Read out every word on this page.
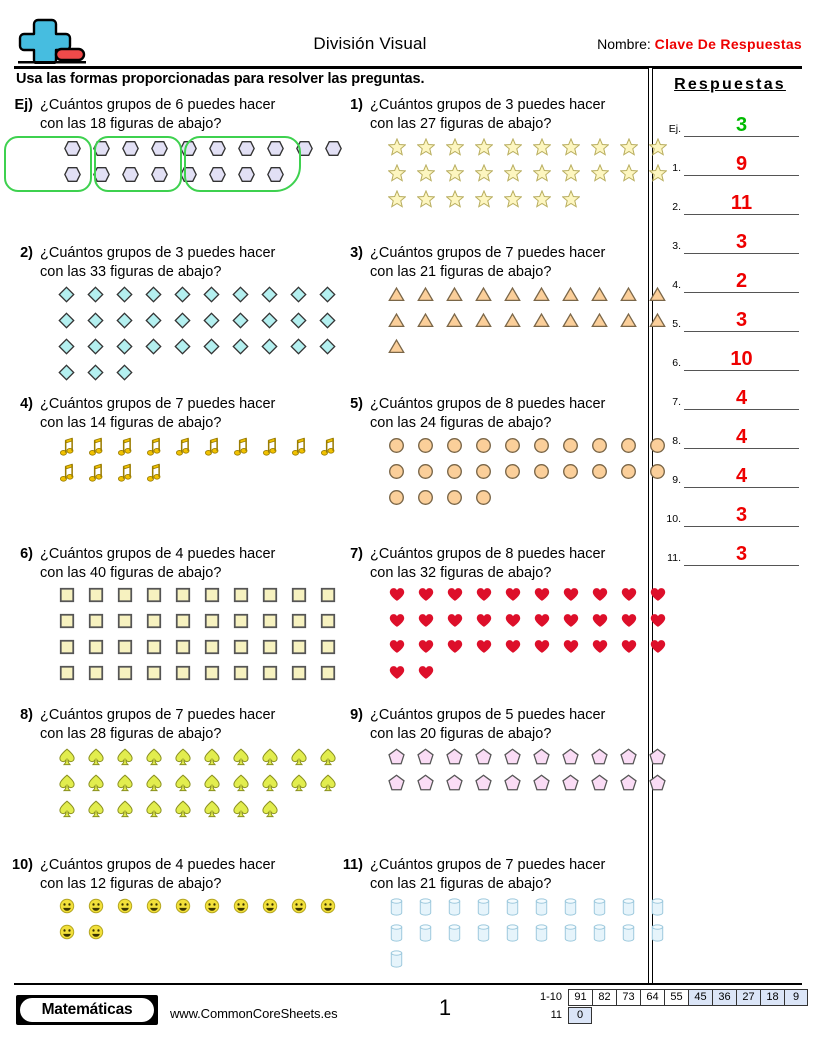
División Visual	Nombre: Clave De Respuestas
Usa las formas proporcionadas para resolver las preguntas.	Respuestas
Ej.	3
1.	9
2.	11
3.	3
4.	2
5.	3
6.	10
7.	4
8.	4
9.	4
10.	3
11.	3
Ej) ¿Cuántos grupos de 6 puedes hacer con las 18 figuras de abajo?
1) ¿Cuántos grupos de 3 puedes hacer con las 27 figuras de abajo?
2) ¿Cuántos grupos de 3 puedes hacer con las 33 figuras de abajo?
3) ¿Cuántos grupos de 7 puedes hacer con las 21 figuras de abajo?
4) ¿Cuántos grupos de 7 puedes hacer con las 14 figuras de abajo?
5) ¿Cuántos grupos de 8 puedes hacer con las 24 figuras de abajo?
6) ¿Cuántos grupos de 4 puedes hacer con las 40 figuras de abajo?
7) ¿Cuántos grupos de 8 puedes hacer con las 32 figuras de abajo?
8) ¿Cuántos grupos de 7 puedes hacer con las 28 figuras de abajo?
9) ¿Cuántos grupos de 5 puedes hacer con las 20 figuras de abajo?
10) ¿Cuántos grupos de 4 puedes hacer con las 12 figuras de abajo?
11) ¿Cuántos grupos de 7 puedes hacer con las 21 figuras de abajo?
Matemáticas	www.CommonCoreSheets.es	1	1-10	91	82	73	64	55	45	36	27	18	9
11	0
